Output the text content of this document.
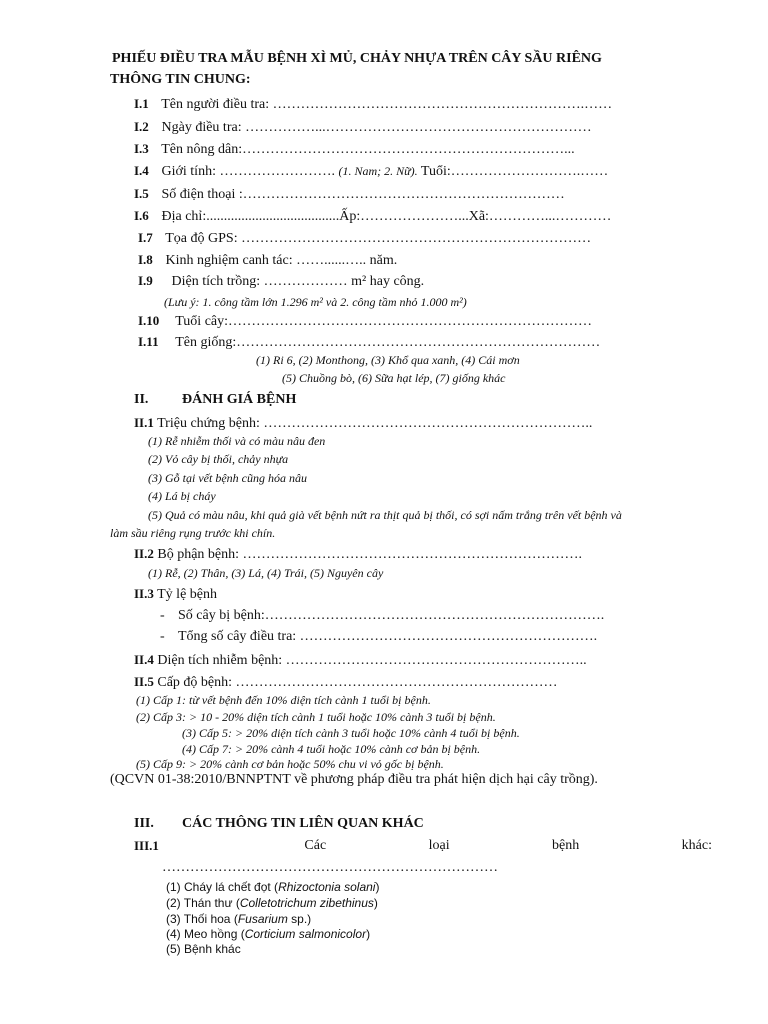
PHIẾU ĐIỀU TRA MẪU BỆNH XÌ MỦ, CHẢY NHỰA TRÊN CÂY SẦU RIÊNG
THÔNG TIN CHUNG:
I.1 Tên người điều tra: ………………………………………………………….……
I.2 Ngày điều tra: ……………...…………………………………………………
I.3 Tên nông dân:……………………………………………………………...
I.4 Giới tính: ……………………. (1. Nam; 2. Nữ). Tuổi:……………………….……
I.5 Số điện thoại :……………………………………………………………
I.6 Địa chỉ:......................................Ấp:…………………...Xã:…………...…………
I.7 Tọa độ GPS: …………………………………………………………………
I.8 Kinh nghiệm canh tác: ……......….. năm.
I.9 Diện tích trồng: ……………… m² hay công.
(Lưu ý: 1. công tầm lớn 1.296 m² và 2. công tầm nhỏ 1.000 m²)
I.10 Tuổi cây:……………………………………………………………………
I.11 Tên giống:……………………………………………………………………
(1) Ri 6, (2) Monthong, (3) Khổ qua xanh, (4) Cái mơn
(5) Chuồng bò, (6) Sữa hạt lép, (7) giống khác
II. ĐÁNH GIÁ BỆNH
II.1 Triệu chứng bệnh: ……………………………………………………………..
(1) Rễ nhiễm thối và có màu nâu đen
(2) Vỏ cây bị thối, chảy nhựa
(3) Gỗ tại vết bệnh cũng hóa nâu
(4) Lá bị cháy
(5) Quả có màu nâu, khi quả già vết bệnh nứt ra thịt quả bị thối, có sợi nấm trắng trên vết bệnh và
làm sầu riêng rụng trước khi chín.
II.2 Bộ phận bệnh: ……………………………………………………………….
(1) Rễ, (2) Thân, (3) Lá, (4) Trái, (5) Nguyên cây
II.3 Tỷ lệ bệnh
- Số cây bị bệnh:……………………………………………………………….
- Tổng số cây điều tra: ……………………………………………………….
II.4 Diện tích nhiễm bệnh: ………………………………………………………..
II.5 Cấp độ bệnh: ……………………………………………………………
(1) Cấp 1: từ vết bệnh đến 10% diện tích cành 1 tuổi bị bệnh.
(2) Cấp 3: > 10 - 20% diện tích cành 1 tuổi hoặc 10% cành 3 tuổi bị bệnh.
(3) Cấp 5: > 20% diện tích cành 3 tuổi hoặc 10% cành 4 tuổi bị bệnh.
(4) Cấp 7: > 20% cành 4 tuổi hoặc 10% cành cơ bản bị bệnh.
(5) Cấp 9: > 20% cành cơ bản hoặc 50% chu vi vỏ gốc bị bệnh.
(QCVN 01-38:2010/BNNPTNT về phương pháp điều tra phát hiện dịch hại cây trồng).
III. CÁC THÔNG TIN LIÊN QUAN KHÁC
III.1	Các	loại	bệnh	khác:
………………………………………………………………
(1) Cháy lá chết đọt (Rhizoctonia solani)
(2) Thán thư (Colletotrichum zibethinus)
(3) Thối hoa (Fusarium sp.)
(4) Meo hồng (Corticium salmonicolor)
(5) Bệnh khác
